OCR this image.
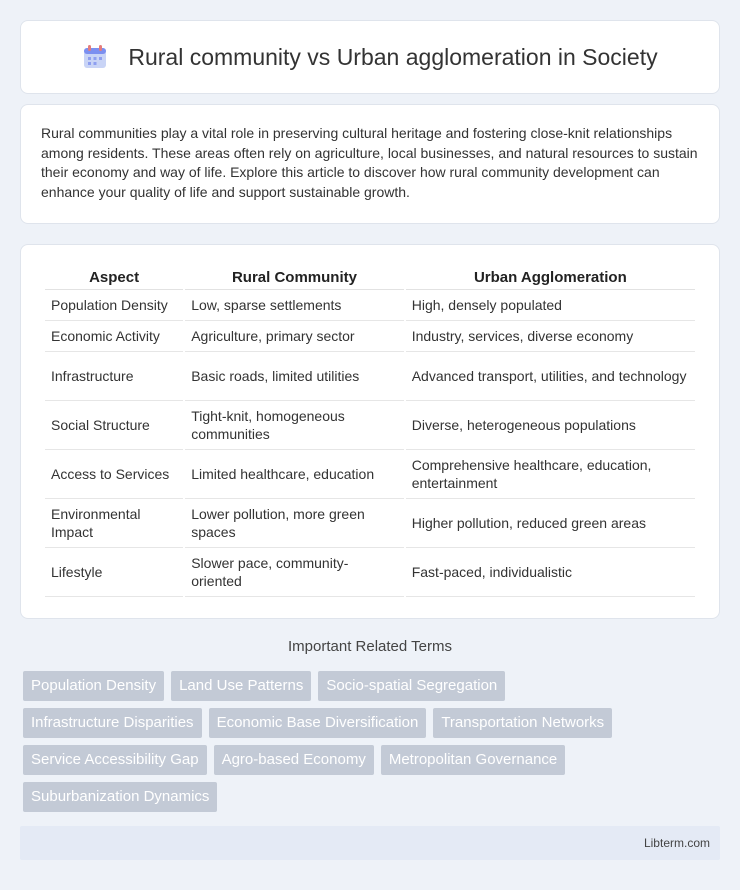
Rural community vs Urban agglomeration in Society

Rural communities play a vital role in preserving cultural heritage and fostering close-knit relationships among residents. These areas often rely on agriculture, local businesses, and natural resources to sustain their economy and way of life. Explore this article to discover how rural community development can enhance your quality of life and support sustainable growth.

Aspect	Rural Community	Urban Agglomeration
Population Density	Low, sparse settlements	High, densely populated
Economic Activity	Agriculture, primary sector	Industry, services, diverse economy
Infrastructure	Basic roads, limited utilities	Advanced transport, utilities, and technology
Social Structure	Tight-knit, homogeneous communities	Diverse, heterogeneous populations
Access to Services	Limited healthcare, education	Comprehensive healthcare, education, entertainment
Environmental Impact	Lower pollution, more green spaces	Higher pollution, reduced green areas
Lifestyle	Slower pace, community-oriented	Fast-paced, individualistic
Important Related Terms
Population Density	Land Use Patterns	Socio-spatial Segregation
Infrastructure Disparities	Economic Base Diversification	Transportation Networks
Service Accessibility Gap	Agro-based Economy	Metropolitan Governance
Suburbanization Dynamics
Libterm.com
